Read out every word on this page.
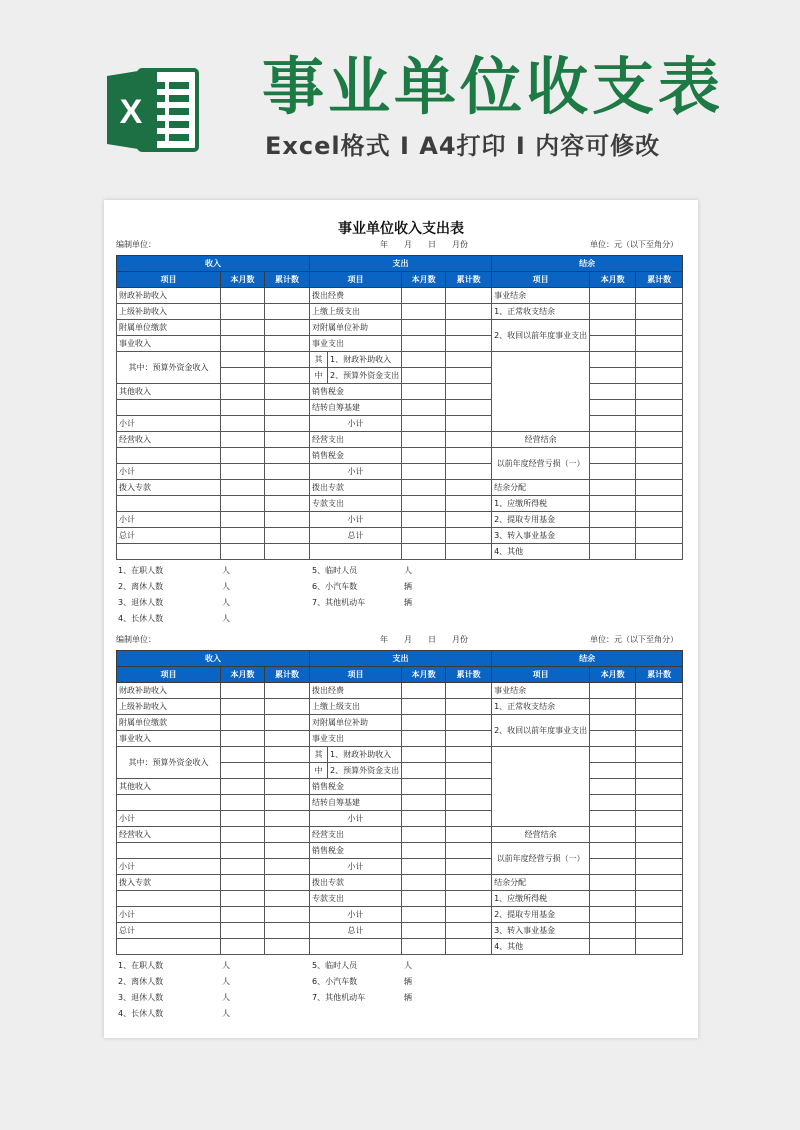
X 事业单位收支表
Excel格式 I A4打印 I 内容可修改
事业单位收入支出表
编制单位：	年　　月　　日　　月份	单位：元（以下至角分）
收入			支出				结余		
项目	本月数	累计数	项目		本月数	累计数	项目	本月数	累计数
财政补助收入			拨出经费				事业结余		
上级补助收入			上缴上级支出				1、正常收支结余		
附属单位缴款			对附属单位补助				2、收回以前年度事业支出		
事业收入			事业支出						
其中：预算外资金收入			其	1、财政补助收入					
			中	2、预算外资金支出					
其他收入			销售税金						
			结转自筹基建						
小计			小计						
经营收入			经营支出				经营结余		
			销售税金				以前年度经营亏损（一）		
小计			小计						
拨入专款			拨出专款				结余分配		
			专款支出				1、应缴所得税		
小计			小计				2、提取专用基金		
总计			总计				3、转入事业基金		
							4、其他		
1、在职人数	人	5、临时人员	人
2、离休人数	人	6、小汽车数	辆
3、退休人数	人	7、其他机动车	辆
4、长休人数	人
编制单位：	年　　月　　日　　月份	单位：元（以下至角分）
收入			支出				结余		
项目	本月数	累计数	项目		本月数	累计数	项目	本月数	累计数
财政补助收入			拨出经费				事业结余		
上级补助收入			上缴上级支出				1、正常收支结余		
附属单位缴款			对附属单位补助				2、收回以前年度事业支出		
事业收入			事业支出						
其中：预算外资金收入			其	1、财政补助收入					
			中	2、预算外资金支出					
其他收入			销售税金						
			结转自筹基建						
小计			小计						
经营收入			经营支出				经营结余		
			销售税金				以前年度经营亏损（一）		
小计			小计						
拨入专款			拨出专款				结余分配		
			专款支出				1、应缴所得税		
小计			小计				2、提取专用基金		
总计			总计				3、转入事业基金		
							4、其他		
1、在职人数	人	5、临时人员	人
2、离休人数	人	6、小汽车数	辆
3、退休人数	人	7、其他机动车	辆
4、长休人数	人
